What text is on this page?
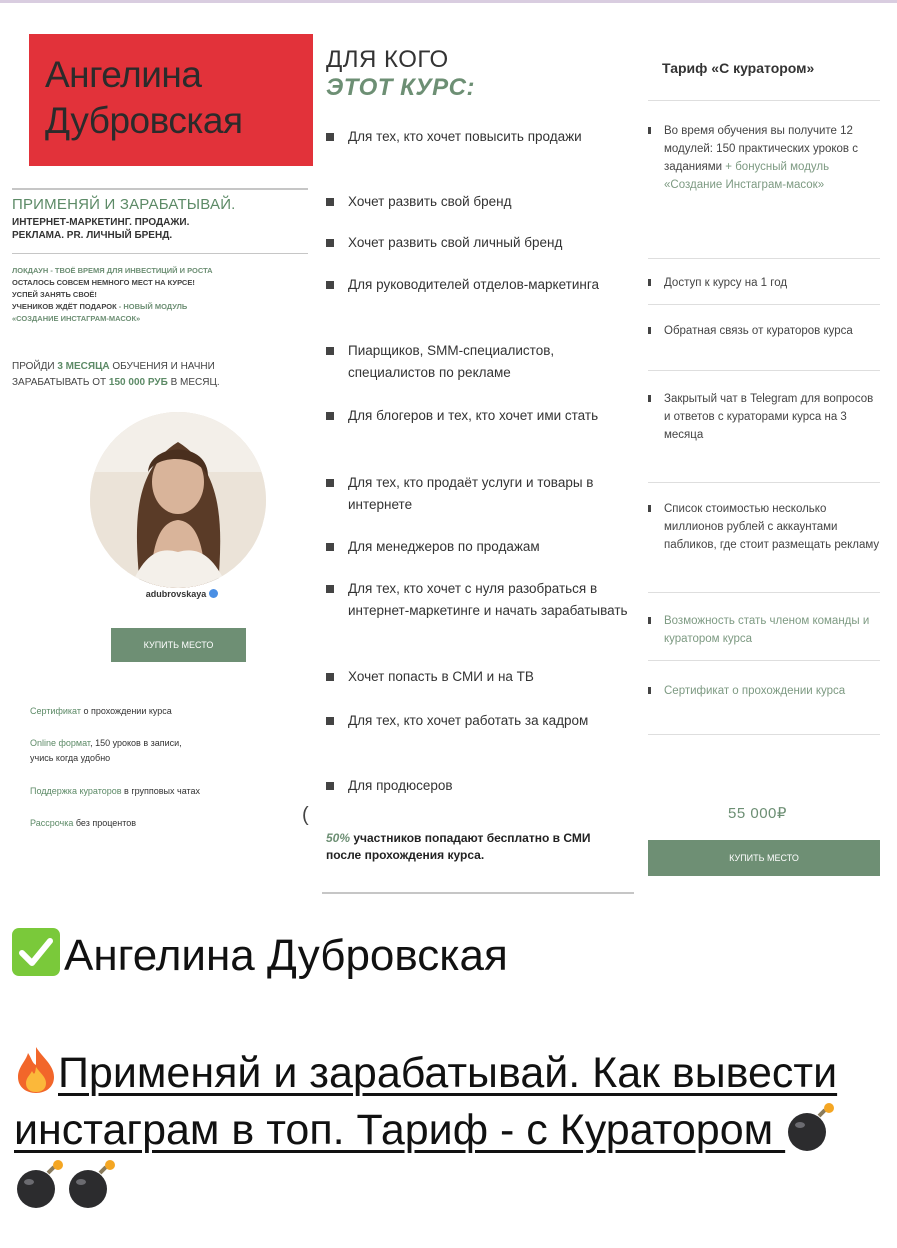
Ангелина
Дубровская
ПРИМЕНЯЙ И ЗАРАБАТЫВАЙ.
ИНТЕРНЕТ-МАРКЕТИНГ. ПРОДАЖИ.
РЕКЛАМА. PR. ЛИЧНЫЙ БРЕНД.
ЛОКДАУН - ТВОЁ ВРЕМЯ ДЛЯ ИНВЕСТИЦИЙ И РОСТА
ОСТАЛОСЬ СОВСЕМ НЕМНОГО МЕСТ НА КУРСЕ!
УСПЕЙ ЗАНЯТЬ СВОЁ!
УЧЕНИКОВ ЖДЁТ ПОДАРОК - НОВЫЙ МОДУЛЬ
«СОЗДАНИЕ ИНСТАГРАМ-МАСОК»
ПРОЙДИ 3 МЕСЯЦА ОБУЧЕНИЯ И НАЧНИ
ЗАРАБАТЫВАТЬ ОТ 150 000 РУБ В МЕСЯЦ.
adubrovskaya
КУПИТЬ МЕСТО
Сертификат о прохождении курса
Online формат, 150 уроков в записи,
учись когда удобно
Поддержка кураторов в групповых чатах
Рассрочка без процентов	(
ДЛЯ КОГО
ЭТОТ КУРС:
Для тех, кто хочет повысить продажи
Хочет развить свой бренд
Хочет развить свой личный бренд
Для руководителей отделов-маркетинга
Пиарщиков, SMM-специалистов, специалистов по рекламе
Для блогеров и тех, кто хочет ими стать
Для тех, кто продаёт услуги и товары в интернете
Для менеджеров по продажам
Для тех, кто хочет с нуля разобраться в интернет-маркетинге и начать зарабатывать
Хочет попасть в СМИ и на ТВ
Для тех, кто хочет работать за кадром
Для продюсеров
50% участников попадают бесплатно в СМИ после прохождения курса.
Тариф «С куратором»
Во время обучения вы получите 12 модулей: 150 практических уроков с заданиями + бонусный модуль «Создание Инстаграм-масок»
Доступ к курсу на 1 год
Обратная связь от кураторов курса
Закрытый чат в Telegram для вопросов и ответов с кураторами курса на 3 месяца
Список стоимостью несколько миллионов рублей с аккаунтами пабликов, где стоит размещать рекламу
Возможность стать членом команды и куратором курса
Сертификат о прохождении курса
55 000₽
КУПИТЬ МЕСТО
Ангелина Дубровская
Применяй и зарабатывай. Как вывести инстаграм в топ. Тариф - с Куратором
